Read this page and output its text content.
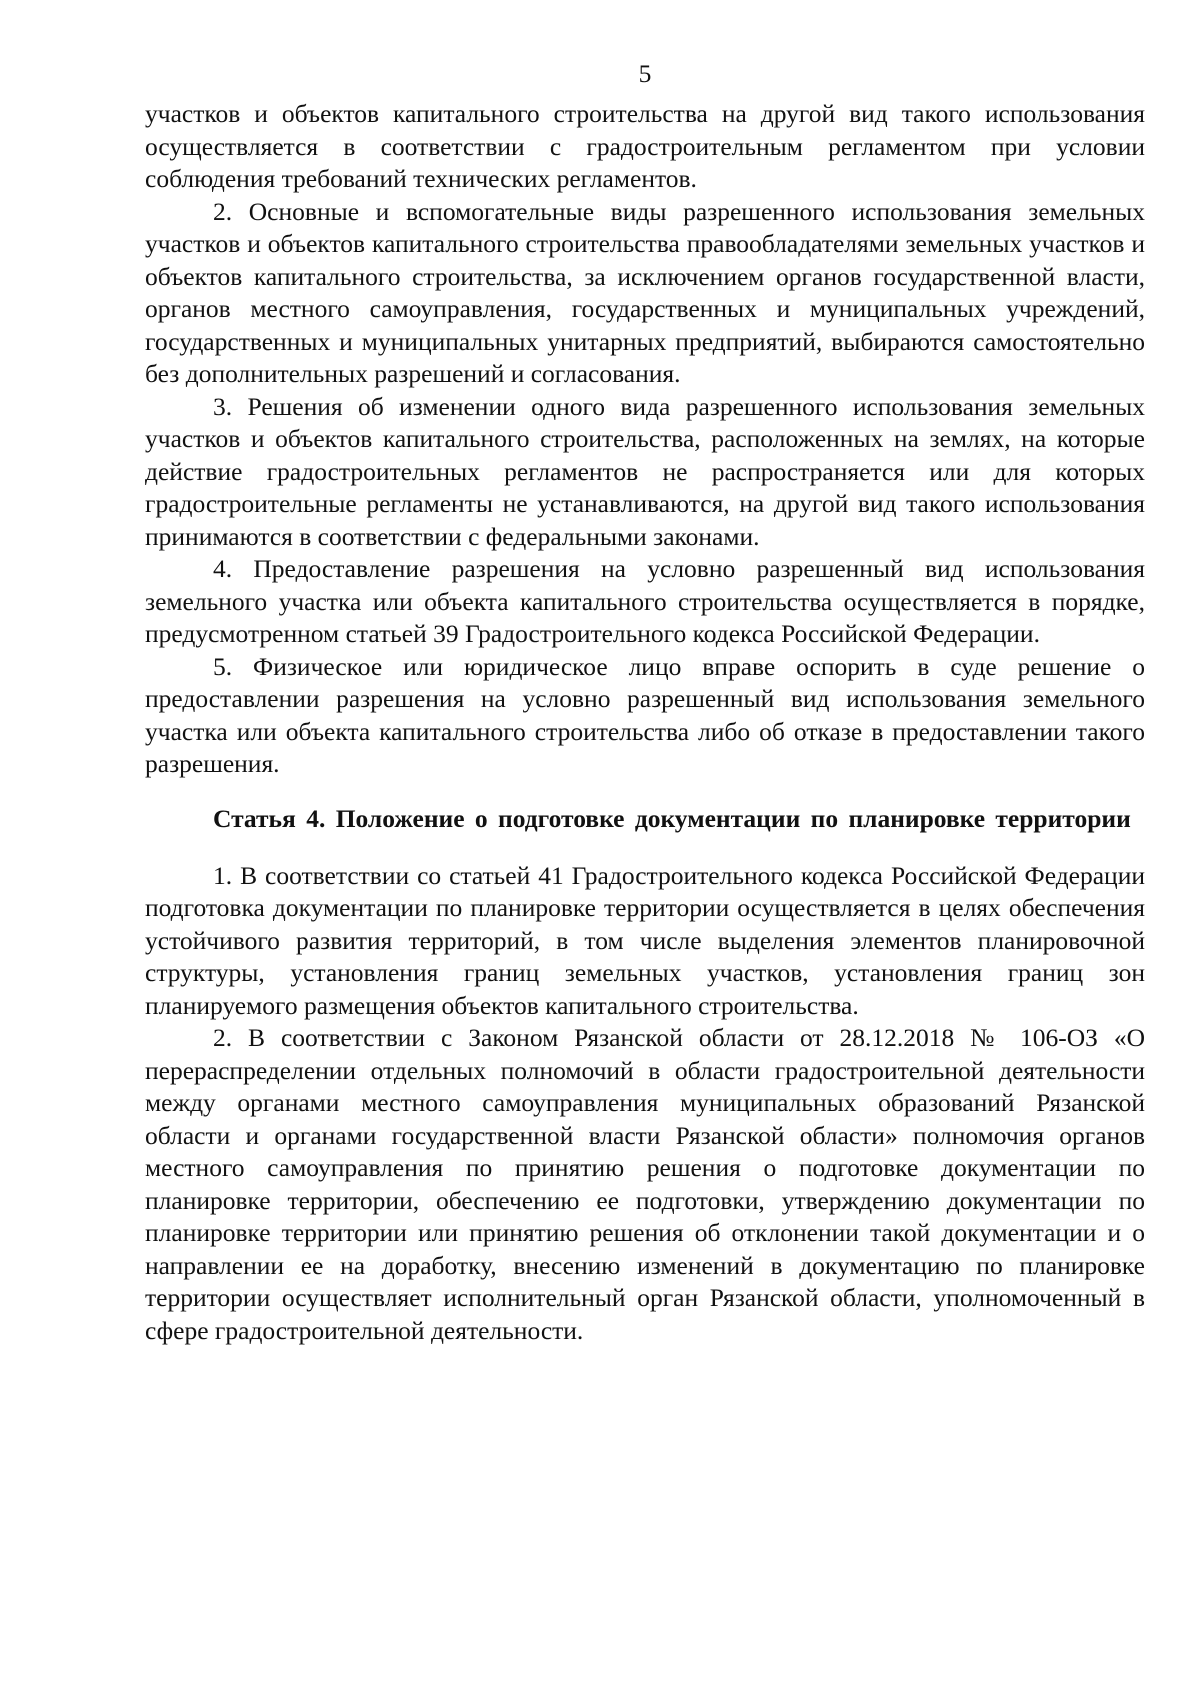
5

участков и объектов капитального строительства на другой вид такого использования осуществляется в соответствии с градостроительным регламентом при условии соблюдения требований технических регламентов.

2. Основные и вспомогательные виды разрешенного использования земельных участков и объектов капитального строительства правообладателями земельных участков и объектов капитального строительства, за исключением органов государственной власти, органов местного самоуправления, государственных и муниципальных учреждений, государственных и муниципальных унитарных предприятий, выбираются самостоятельно без дополнительных разрешений и согласования.

3. Решения об изменении одного вида разрешенного использования земельных участков и объектов капитального строительства, расположенных на землях, на которые действие градостроительных регламентов не распространяется или для которых градостроительные регламенты не устанавливаются, на другой вид такого использования принимаются в соответствии с федеральными законами.

4. Предоставление разрешения на условно разрешенный вид использования земельного участка или объекта капитального строительства осуществляется в порядке, предусмотренном статьей 39 Градостроительного кодекса Российской Федерации.

5. Физическое или юридическое лицо вправе оспорить в суде решение о предоставлении разрешения на условно разрешенный вид использования земельного участка или объекта капитального строительства либо об отказе в предоставлении такого разрешения.

Статья 4. Положение о подготовке документации по планировке территории

1. В соответствии со статьей 41 Градостроительного кодекса Российской Федерации подготовка документации по планировке территории осуществляется в целях обеспечения устойчивого развития территорий, в том числе выделения элементов планировочной структуры, установления границ земельных участков, установления границ зон планируемого размещения объектов капитального строительства.

2. В соответствии с Законом Рязанской области от 28.12.2018 № 106-ОЗ «О перераспределении отдельных полномочий в области градостроительной деятельности между органами местного самоуправления муниципальных образований Рязанской области и органами государственной власти Рязанской области» полномочия органов местного самоуправления по принятию решения о подготовке документации по планировке территории, обеспечению ее подготовки, утверждению документации по планировке территории или принятию решения об отклонении такой документации и о направлении ее на доработку, внесению изменений в документацию по планировке территории осуществляет исполнительный орган Рязанской области, уполномоченный в сфере градостроительной деятельности.
